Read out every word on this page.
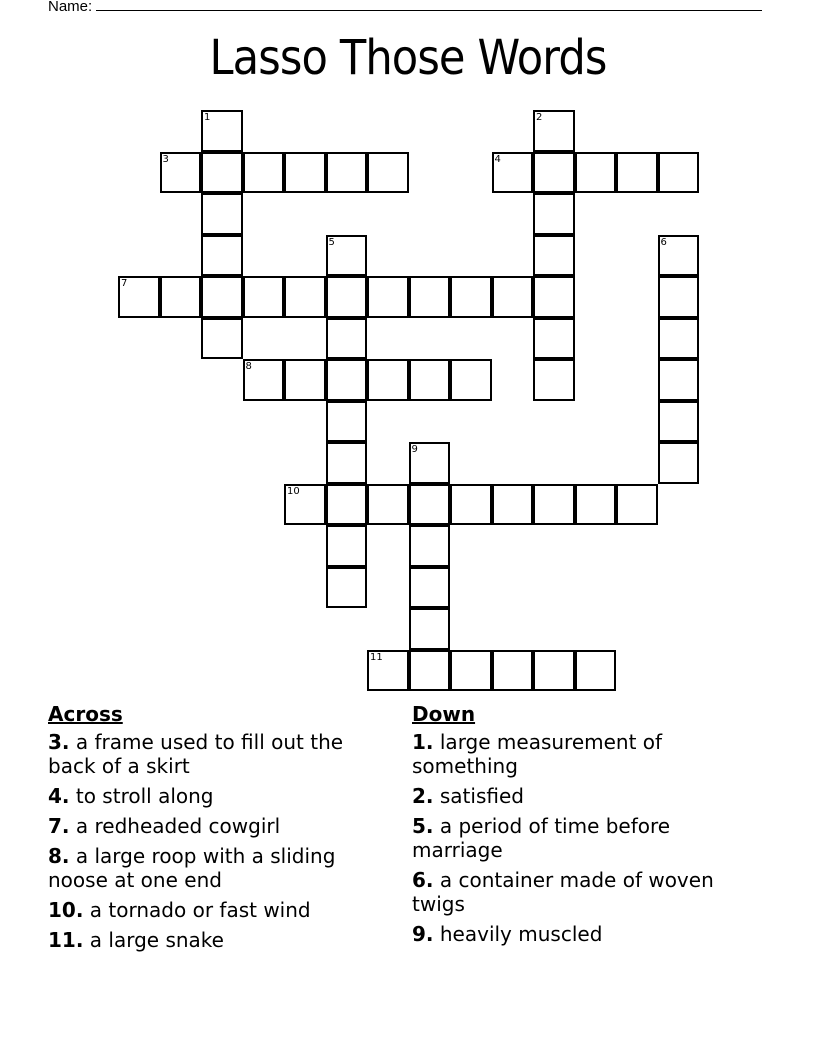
Name:
Lasso Those Words
1	2
3	4
5	6
7
8
9
10
11
Across
3. a frame used to fill out the back of a skirt
4. to stroll along
7. a redheaded cowgirl
8. a large roop with a sliding noose at one end
10. a tornado or fast wind
11. a large snake
Down
1. large measurement of something
2. satisfied
5. a period of time before marriage
6. a container made of woven twigs
9. heavily muscled
